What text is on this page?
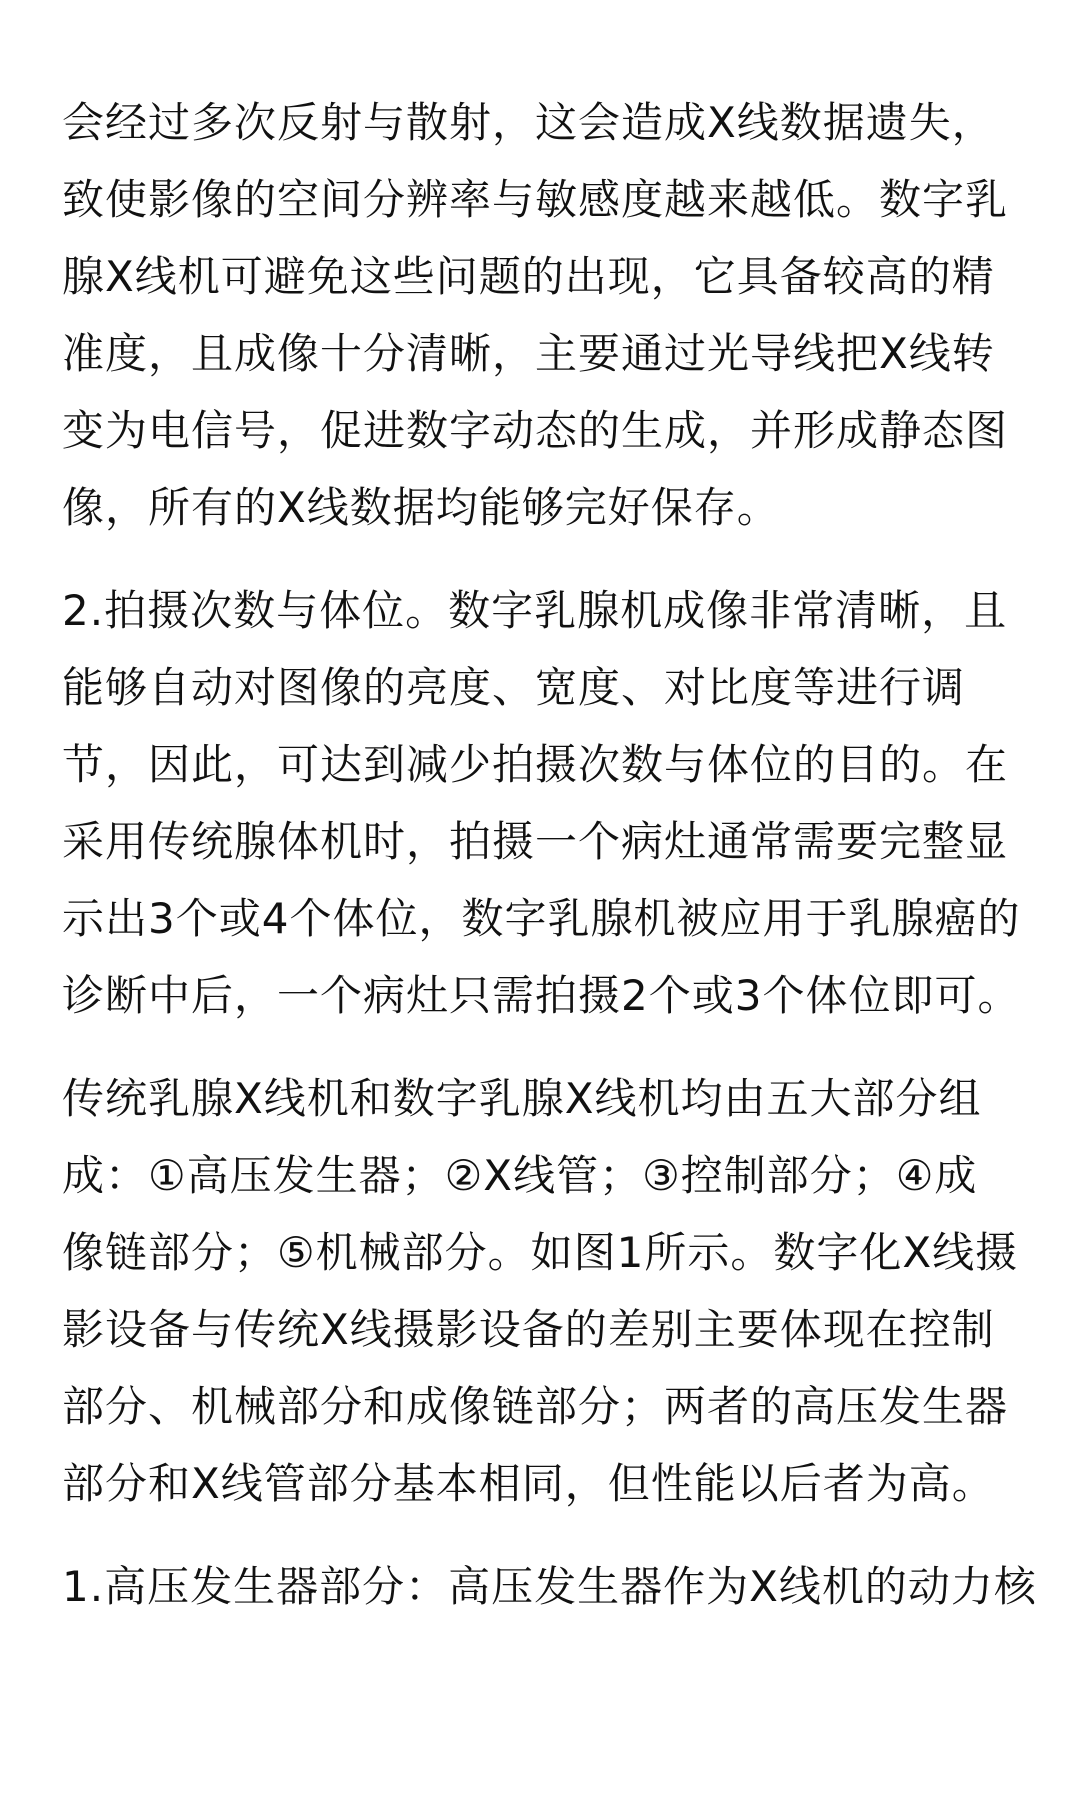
会经过多次反射与散射，这会造成X线数据遗失，
致使影像的空间分辨率与敏感度越来越低。数字乳
腺X线机可避免这些问题的出现，它具备较高的精
准度，且成像十分清晰，主要通过光导线把X线转
变为电信号，促进数字动态的生成，并形成静态图
像，所有的X线数据均能够完好保存。
2.拍摄次数与体位。数字乳腺机成像非常清晰，且
能够自动对图像的亮度、宽度、对比度等进行调
节，因此，可达到减少拍摄次数与体位的目的。在
采用传统腺体机时，拍摄一个病灶通常需要完整显
示出3个或4个体位，数字乳腺机被应用于乳腺癌的
诊断中后，一个病灶只需拍摄2个或3个体位即可。
传统乳腺X线机和数字乳腺X线机均由五大部分组
成：①高压发生器；②X线管；③控制部分；④成
像链部分；⑤机械部分。如图1所示。数字化X线摄
影设备与传统X线摄影设备的差别主要体现在控制
部分、机械部分和成像链部分；两者的高压发生器
部分和X线管部分基本相同，但性能以后者为高。
1.高压发生器部分：高压发生器作为X线机的动力核
